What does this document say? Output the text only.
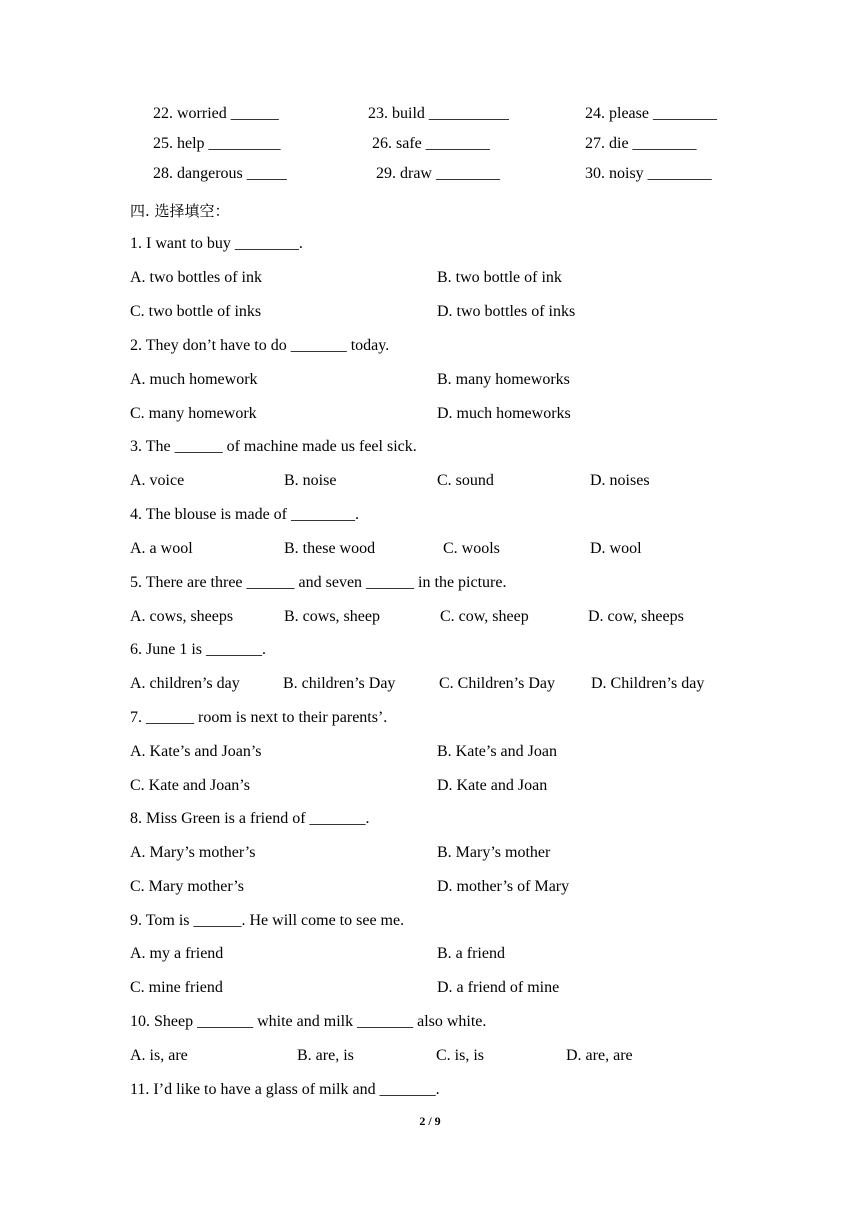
22. worried ______	23. build __________	24. please ________
25. help _________	26. safe ________	27. die ________
28. dangerous _____	29. draw ________	30. noisy ________
四. 选择填空：
1. I want to buy ________.
A. two bottles of ink	B. two bottle of ink
C. two bottle of inks	D. two bottles of inks
2. They don’t have to do _______ today.
A. much homework	B. many homeworks
C. many homework	D. much homeworks
3. The ______ of machine made us feel sick.
A. voice	B. noise	C. sound	D. noises
4. The blouse is made of ________.
A. a wool	B. these wood	C. wools	D. wool
5. There are three ______ and seven ______ in the picture.
A. cows, sheeps	B. cows, sheep	C. cow, sheep	D. cow, sheeps
6. June 1 is _______.
A. children’s day	B. children’s Day	C. Children’s Day D. Children’s day
7. ______ room is next to their parents’.
A. Kate’s and Joan’s	B. Kate’s and Joan
C. Kate and Joan’s	D. Kate and Joan
8. Miss Green is a friend of _______.
A. Mary’s mother’s	B. Mary’s mother
C. Mary mother’s	D. mother’s of Mary
9. Tom is ______. He will come to see me.
A. my a friend	B. a friend
C. mine friend	D. a friend of mine
10. Sheep _______ white and milk _______ also white.
A. is, are	B. are, is	C. is, is	D. are, are
11. I’d like to have a glass of milk and _______.
2 / 9
